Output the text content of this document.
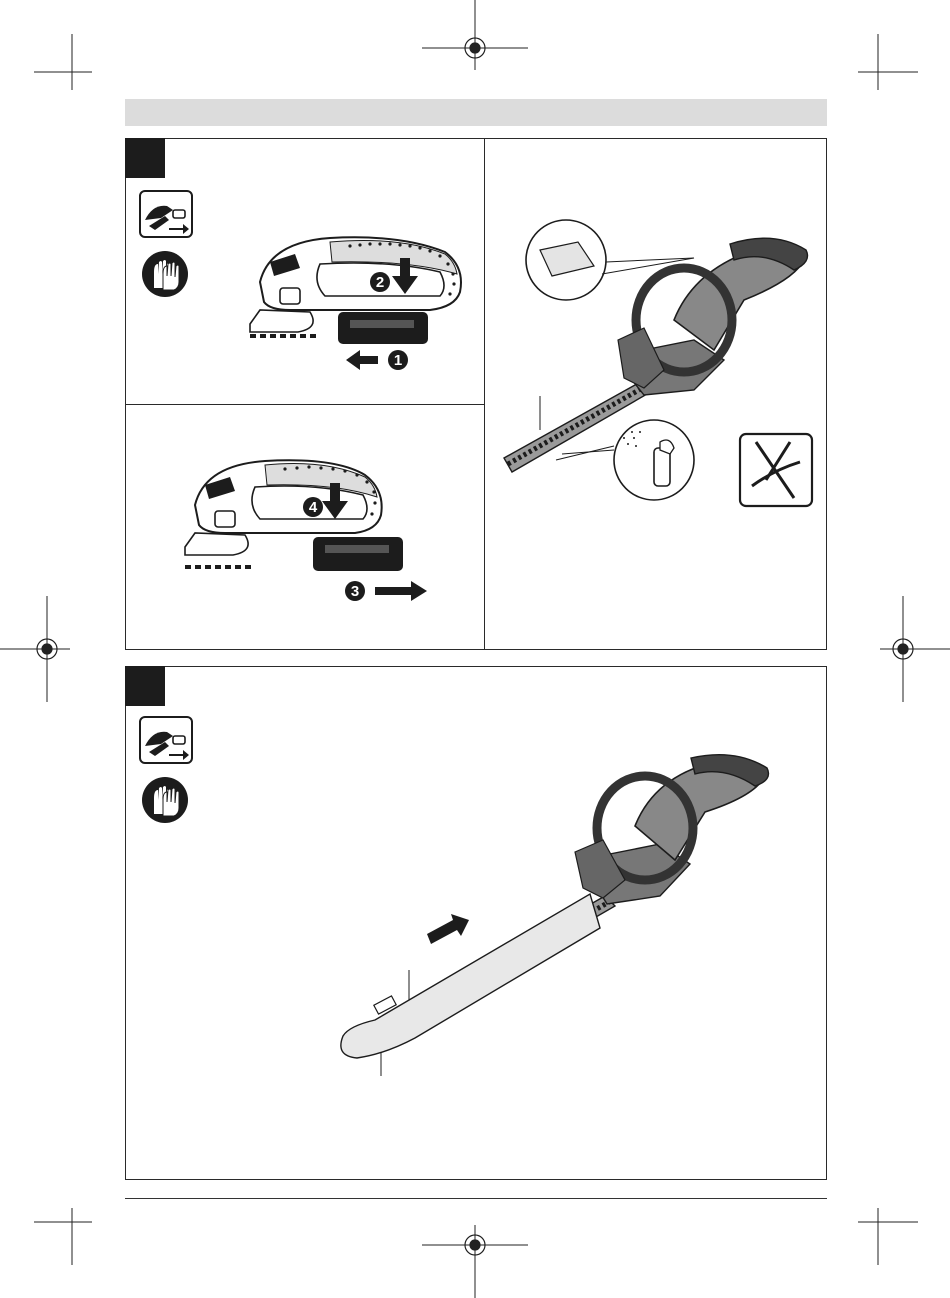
2
1
4
3
